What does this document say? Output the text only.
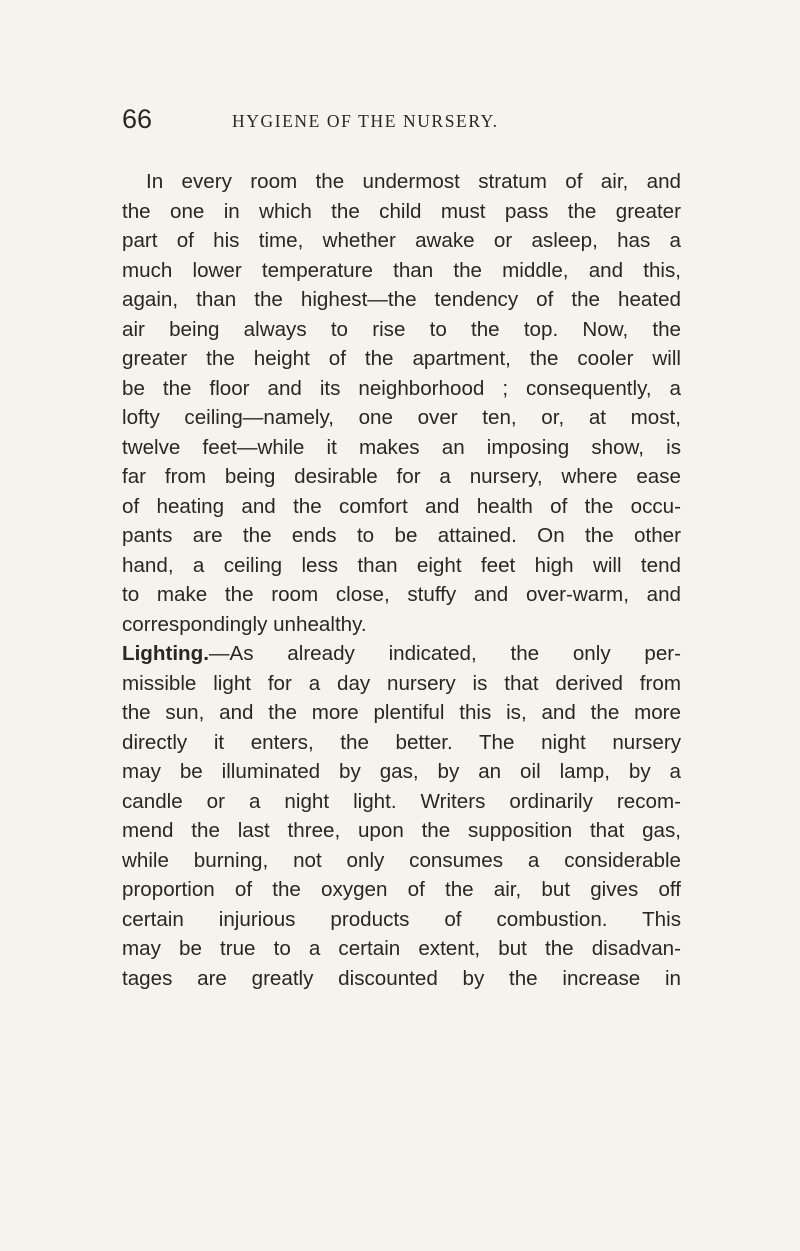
66	HYGIENE OF THE NURSERY.
In every room the undermost stratum of air, and
the one in which the child must pass the greater
part of his time, whether awake or asleep, has a
much lower temperature than the middle, and this,
again, than the highest—the tendency of the heated
air being always to rise to the top. Now, the
greater the height of the apartment, the cooler will
be the floor and its neighborhood ; consequently, a
lofty ceiling—namely, one over ten, or, at most,
twelve feet—while it makes an imposing show, is
far from being desirable for a nursery, where ease
of heating and the comfort and health of the occu-
pants are the ends to be attained. On the other
hand, a ceiling less than eight feet high will tend
to make the room close, stuffy and over-warm, and
correspondingly unhealthy.
Lighting.—As already indicated, the only per-
missible light for a day nursery is that derived from
the sun, and the more plentiful this is, and the more
directly it enters, the better. The night nursery
may be illuminated by gas, by an oil lamp, by a
candle or a night light. Writers ordinarily recom-
mend the last three, upon the supposition that gas,
while burning, not only consumes a considerable
proportion of the oxygen of the air, but gives off
certain injurious products of combustion. This
may be true to a certain extent, but the disadvan-
tages are greatly discounted by the increase in
